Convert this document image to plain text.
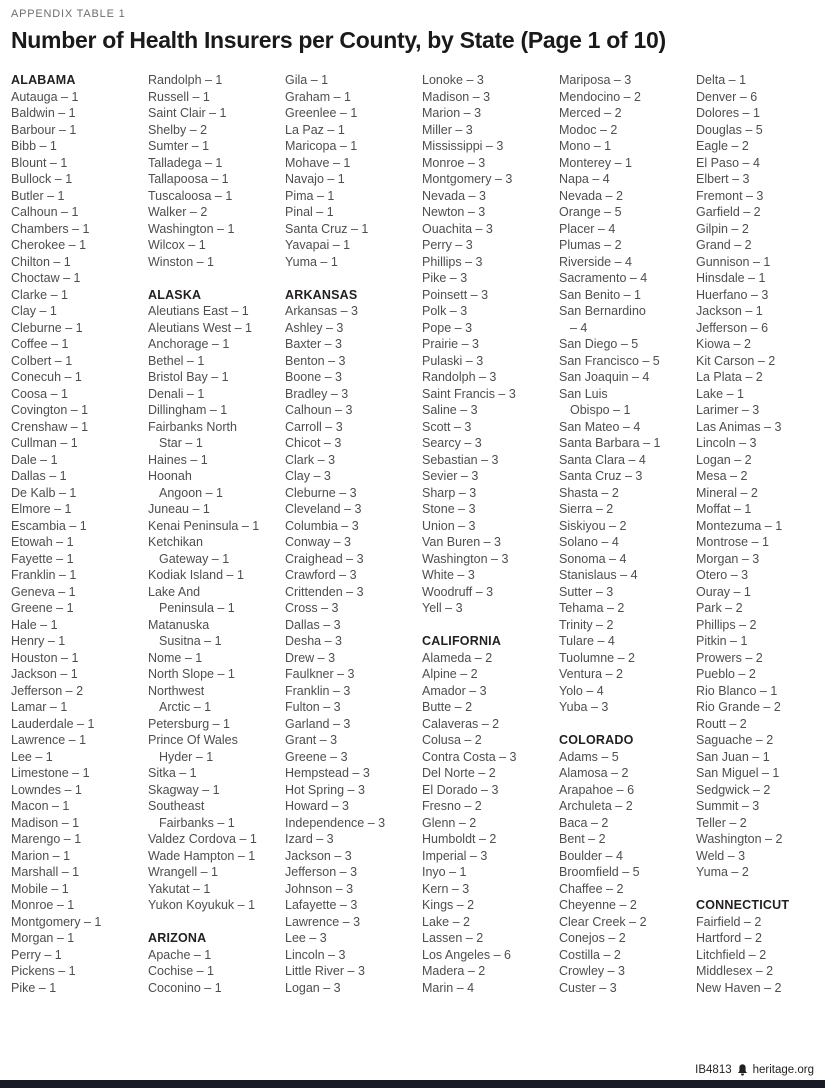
APPENDIX TABLE 1
Number of Health Insurers per County, by State (Page 1 of 10)
ALABAMA
Autauga – 1
Baldwin – 1
Barbour – 1
Bibb – 1
Blount – 1
Bullock – 1
Butler – 1
Calhoun – 1
Chambers – 1
Cherokee – 1
Chilton – 1
Choctaw – 1
Clarke – 1
Clay – 1
Cleburne – 1
Coffee – 1
Colbert – 1
Conecuh – 1
Coosa – 1
Covington – 1
Crenshaw – 1
Cullman – 1
Dale – 1
Dallas – 1
De Kalb – 1
Elmore – 1
Escambia – 1
Etowah – 1
Fayette – 1
Franklin – 1
Geneva – 1
Greene – 1
Hale – 1
Henry – 1
Houston – 1
Jackson – 1
Jefferson – 2
Lamar – 1
Lauderdale – 1
Lawrence – 1
Lee – 1
Limestone – 1
Lowndes – 1
Macon – 1
Madison – 1
Marengo – 1
Marion – 1
Marshall – 1
Mobile – 1
Monroe – 1
Montgomery – 1
Morgan – 1
Perry – 1
Pickens – 1
Pike – 1
Randolph – 1
Russell – 1
Saint Clair – 1
Shelby – 2
Sumter – 1
Talladega – 1
Tallapoosa – 1
Tuscaloosa – 1
Walker – 2
Washington – 1
Wilcox – 1
Winston – 1
ALASKA
Aleutians East – 1
Aleutians West – 1
Anchorage – 1
Bethel – 1
Bristol Bay – 1
Denali – 1
Dillingham – 1
Fairbanks North
Star – 1
Haines – 1
Hoonah
Angoon – 1
Juneau – 1
Kenai Peninsula – 1
Ketchikan
Gateway – 1
Kodiak Island – 1
Lake And
Peninsula – 1
Matanuska
Susitna – 1
Nome – 1
North Slope – 1
Northwest
Arctic – 1
Petersburg – 1
Prince Of Wales
Hyder – 1
Sitka – 1
Skagway – 1
Southeast
Fairbanks – 1
Valdez Cordova – 1
Wade Hampton – 1
Wrangell – 1
Yakutat – 1
Yukon Koyukuk – 1
ARIZONA
Apache – 1
Cochise – 1
Coconino – 1
Gila – 1
Graham – 1
Greenlee – 1
La Paz – 1
Maricopa – 1
Mohave – 1
Navajo – 1
Pima – 1
Pinal – 1
Santa Cruz – 1
Yavapai – 1
Yuma – 1
ARKANSAS
Arkansas – 3
Ashley – 3
Baxter – 3
Benton – 3
Boone – 3
Bradley – 3
Calhoun – 3
Carroll – 3
Chicot – 3
Clark – 3
Clay – 3
Cleburne – 3
Cleveland – 3
Columbia – 3
Conway – 3
Craighead – 3
Crawford – 3
Crittenden – 3
Cross – 3
Dallas – 3
Desha – 3
Drew – 3
Faulkner – 3
Franklin – 3
Fulton – 3
Garland – 3
Grant – 3
Greene – 3
Hempstead – 3
Hot Spring – 3
Howard – 3
Independence – 3
Izard – 3
Jackson – 3
Jefferson – 3
Johnson – 3
Lafayette – 3
Lawrence – 3
Lee – 3
Lincoln – 3
Little River – 3
Logan – 3
Lonoke – 3
Madison – 3
Marion – 3
Miller – 3
Mississippi – 3
Monroe – 3
Montgomery – 3
Nevada – 3
Newton – 3
Ouachita – 3
Perry – 3
Phillips – 3
Pike – 3
Poinsett – 3
Polk – 3
Pope – 3
Prairie – 3
Pulaski – 3
Randolph – 3
Saint Francis – 3
Saline – 3
Scott – 3
Searcy – 3
Sebastian – 3
Sevier – 3
Sharp – 3
Stone – 3
Union – 3
Van Buren – 3
Washington – 3
White – 3
Woodruff – 3
Yell – 3
CALIFORNIA
Alameda – 2
Alpine – 2
Amador – 3
Butte – 2
Calaveras – 2
Colusa – 2
Contra Costa – 3
Del Norte – 2
El Dorado – 3
Fresno – 2
Glenn – 2
Humboldt – 2
Imperial – 3
Inyo – 1
Kern – 3
Kings – 2
Lake – 2
Lassen – 2
Los Angeles – 6
Madera – 2
Marin – 4
Mariposa – 3
Mendocino – 2
Merced – 2
Modoc – 2
Mono – 1
Monterey – 1
Napa – 4
Nevada – 2
Orange – 5
Placer – 4
Plumas – 2
Riverside – 4
Sacramento – 4
San Benito – 1
San Bernardino
– 4
San Diego – 5
San Francisco – 5
San Joaquin – 4
San Luis
Obispo – 1
San Mateo – 4
Santa Barbara – 1
Santa Clara – 4
Santa Cruz – 3
Shasta – 2
Sierra – 2
Siskiyou – 2
Solano – 4
Sonoma – 4
Stanislaus – 4
Sutter – 3
Tehama – 2
Trinity – 2
Tulare – 4
Tuolumne – 2
Ventura – 2
Yolo – 4
Yuba – 3
COLORADO
Adams – 5
Alamosa – 2
Arapahoe – 6
Archuleta – 2
Baca – 2
Bent – 2
Boulder – 4
Broomfield – 5
Chaffee – 2
Cheyenne – 2
Clear Creek – 2
Conejos – 2
Costilla – 2
Crowley – 3
Custer – 3
Delta – 1
Denver – 6
Dolores – 1
Douglas – 5
Eagle – 2
El Paso – 4
Elbert – 3
Fremont – 3
Garfield – 2
Gilpin – 2
Grand – 2
Gunnison – 1
Hinsdale – 1
Huerfano – 3
Jackson – 1
Jefferson – 6
Kiowa – 2
Kit Carson – 2
La Plata – 2
Lake – 1
Larimer – 3
Las Animas – 3
Lincoln – 3
Logan – 2
Mesa – 2
Mineral – 2
Moffat – 1
Montezuma – 1
Montrose – 1
Morgan – 3
Otero – 3
Ouray – 1
Park – 2
Phillips – 2
Pitkin – 1
Prowers – 2
Pueblo – 2
Rio Blanco – 1
Rio Grande – 2
Routt – 2
Saguache – 2
San Juan – 1
San Miguel – 1
Sedgwick – 2
Summit – 3
Teller – 2
Washington – 2
Weld – 3
Yuma – 2
CONNECTICUT
Fairfield – 2
Hartford – 2
Litchfield – 2
Middlesex – 2
New Haven – 2
IB4813 heritage.org
